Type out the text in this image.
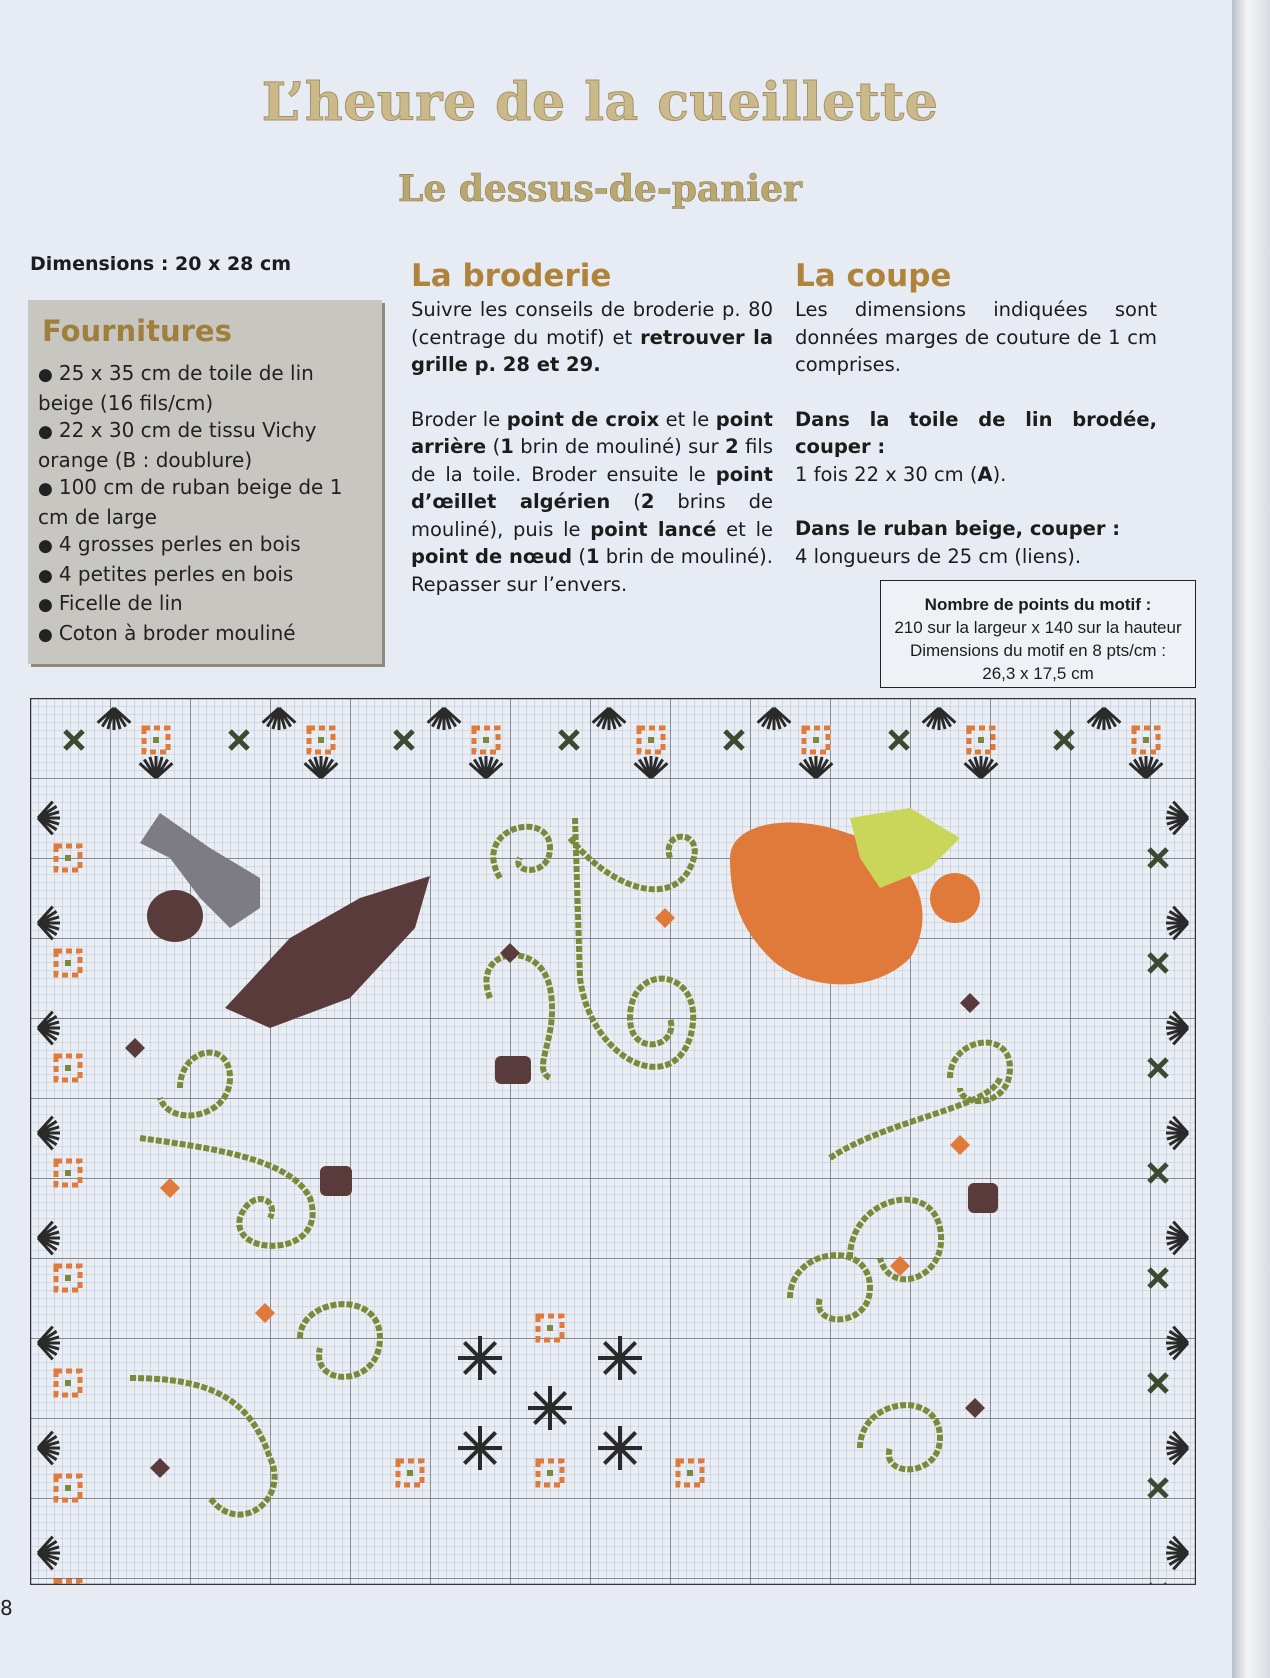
L’heure de la cueillette
Le dessus-de-panier
Dimensions : 20 x 28 cm
Fournitures
● 25 x 35 cm de toile de lin beige (16 fils/cm)
● 22 x 30 cm de tissu Vichy orange (B : doublure)
● 100 cm de ruban beige de 1 cm de large
● 4 grosses perles en bois
● 4 petites perles en bois
● Ficelle de lin
● Coton à broder mouliné
La broderie

Suivre les conseils de broderie p. 80 (centrage du motif) et retrouver la grille p. 28 et 29.

Broder le point de croix et le point arrière (1 brin de mouliné) sur 2 fils de la toile. Broder ensuite le point d’œillet algérien (2 brins de mouliné), puis le point lancé et le point de nœud (1 brin de mouliné). Repasser sur l’envers.

La coupe

Les dimensions indiquées sont données marges de couture de 1 cm comprises.

Dans la toile de lin brodée, couper :
1 fois 22 x 30 cm (A).

Dans le ruban beige, couper :
4 longueurs de 25 cm (liens).

Nombre de points du motif :
210 sur la largeur x 140 sur la hauteur
Dimensions du motif en 8 pts/cm :
26,3 x 17,5 cm
8
